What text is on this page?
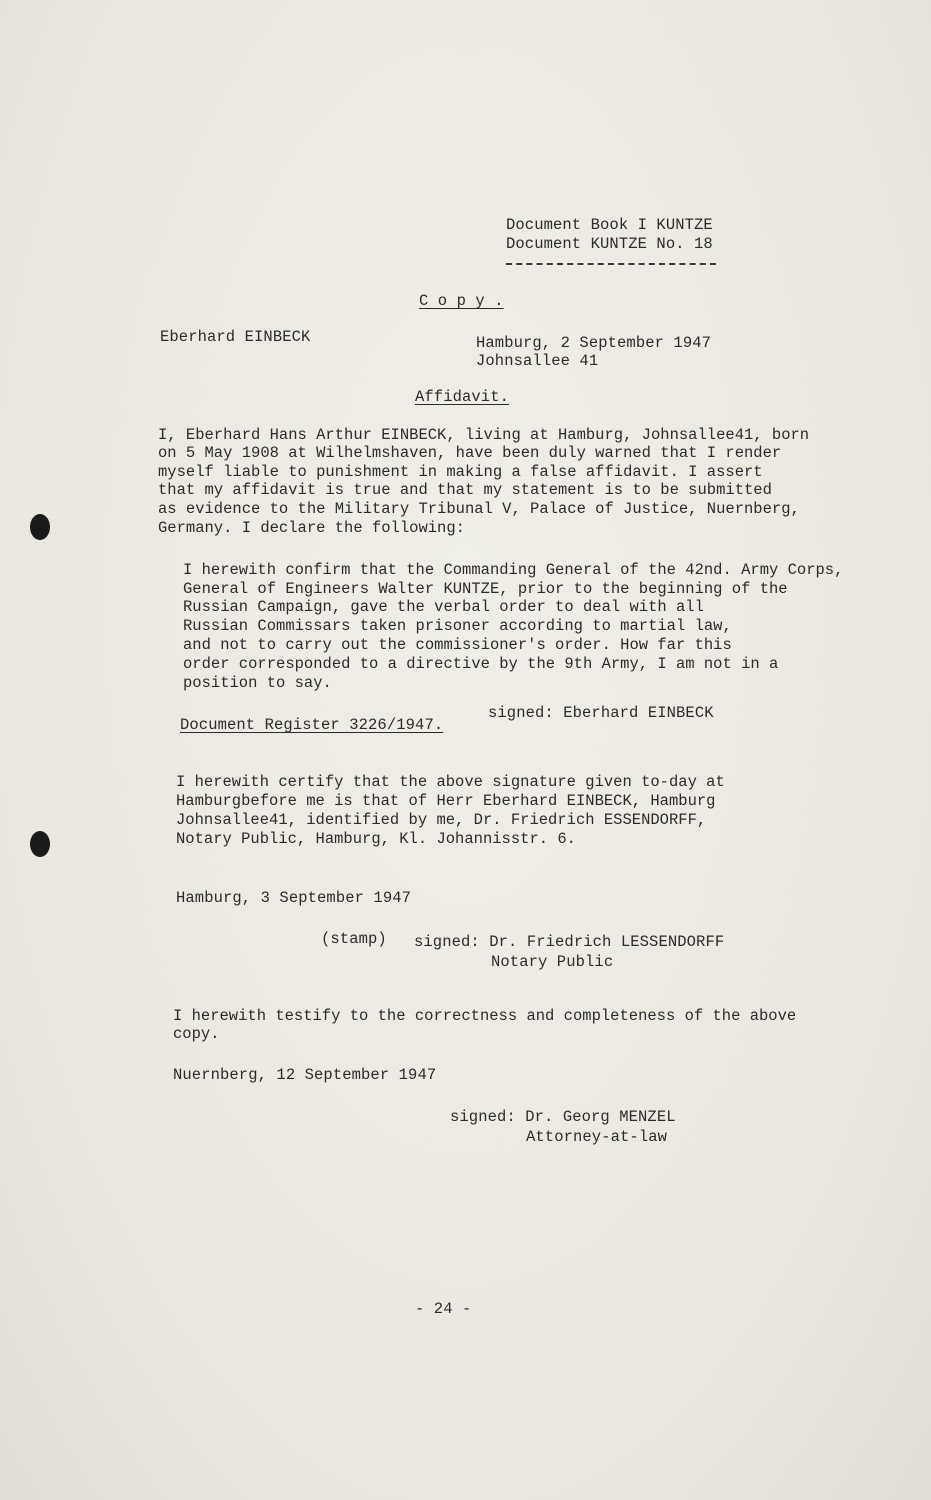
Document Book I KUNTZE
Document KUNTZE No. 18
C o p y .
Eberhard EINBECK	Hamburg, 2 September 1947
Johnsallee 41
Affidavit.
I, Eberhard Hans Arthur EINBECK, living at Hamburg, Johnsallee41, born
on 5 May 1908 at Wilhelmshaven, have been duly warned that I render
myself liable to punishment in making a false affidavit. I assert
that my affidavit is true and that my statement is to be submitted
as evidence to the Military Tribunal V, Palace of Justice, Nuernberg,
Germany. I declare the following:
I herewith confirm that the Commanding General of the 42nd. Army Corps,
General of Engineers Walter KUNTZE, prior to the beginning of the
Russian Campaign, gave the verbal order to deal with all
Russian Commissars taken prisoner according to martial law,
and not to carry out the commissioner's order. How far this
order corresponded to a directive by the 9th Army, I am not in a
position to say.
signed: Eberhard EINBECK
Document Register 3226/1947.
I herewith certify that the above signature given to-day at
Hamburgbefore me is that of Herr Eberhard EINBECK, Hamburg
Johnsallee41, identified by me, Dr. Friedrich ESSENDORFF,
Notary Public, Hamburg, Kl. Johannisstr. 6.
Hamburg, 3 September 1947
(stamp) signed: Dr. Friedrich LESSENDORFF
Notary Public
I herewith testify to the correctness and completeness of the above
copy.
Nuernberg, 12 September 1947
signed: Dr. Georg MENZEL
Attorney-at-law
- 24 -
